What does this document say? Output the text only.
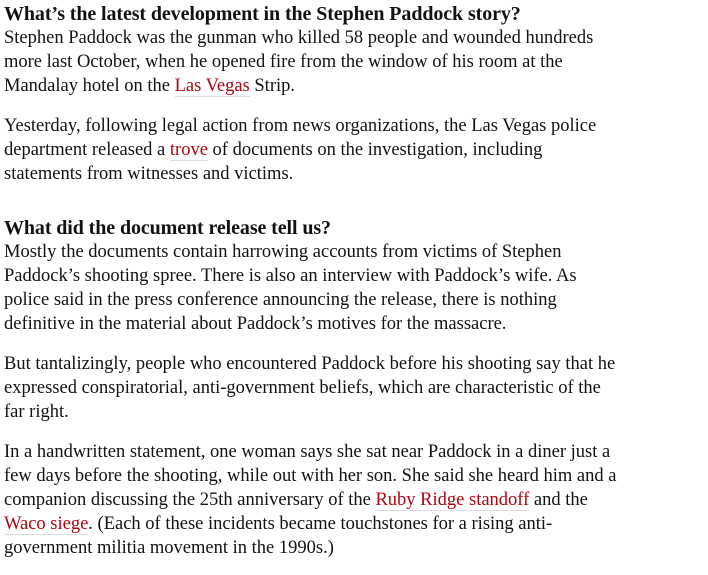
What’s the latest development in the Stephen Paddock story?

Stephen Paddock was the gunman who killed 58 people and wounded hundreds more last October, when he opened fire from the window of his room at the Mandalay hotel on the Las Vegas Strip.

Yesterday, following legal action from news organizations, the Las Vegas police department released a trove of documents on the investigation, including statements from witnesses and victims.

What did the document release tell us?

Mostly the documents contain harrowing accounts from victims of Stephen Paddock’s shooting spree. There is also an interview with Paddock’s wife. As police said in the press conference announcing the release, there is nothing definitive in the material about Paddock’s motives for the massacre.

But tantalizingly, people who encountered Paddock before his shooting say that he expressed conspiratorial, anti-government beliefs, which are characteristic of the far right.

In a handwritten statement, one woman says she sat near Paddock in a diner just a few days before the shooting, while out with her son. She said she heard him and a companion discussing the 25th anniversary of the Ruby Ridge standoff and the Waco siege. (Each of these incidents became touchstones for a rising anti-government militia movement in the 1990s.)
